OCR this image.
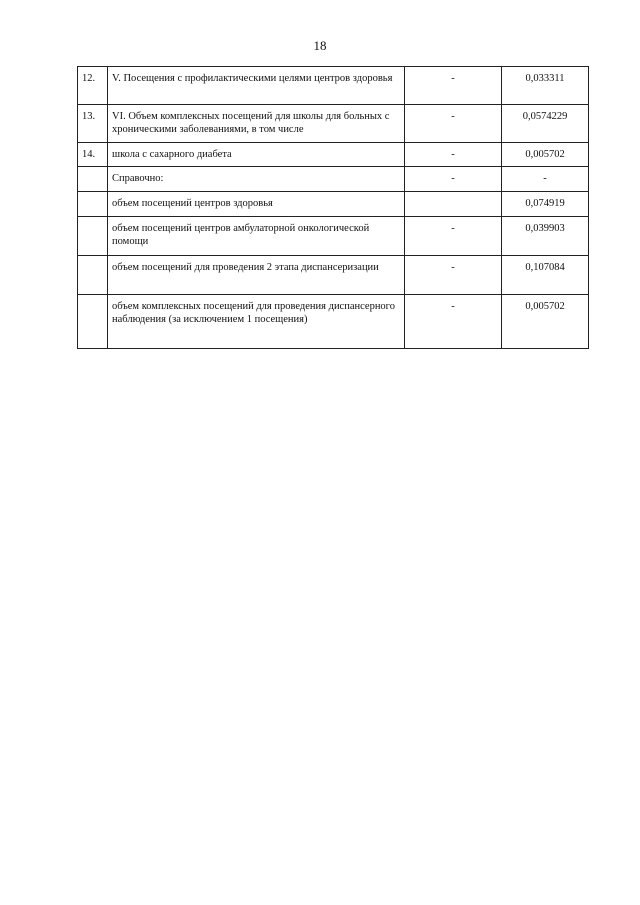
18
12.	V. Посещения с профилактическими целями центров здоровья	-	0,033311
13.	VI. Объем комплексных посещений для школы для больных с хроническими заболеваниями, в том числе	-	0,0574229
14.	школа с сахарного диабета	-	0,005702
	Справочно:	-	-
	объем посещений центров здоровья		0,074919
	объем посещений центров амбулаторной онкологической помощи	-	0,039903
	объем посещений для проведения 2 этапа диспансеризации	-	0,107084
	объем комплексных посещений для проведения диспансерного наблюдения (за исключением 1 посещения)	-	0,005702
